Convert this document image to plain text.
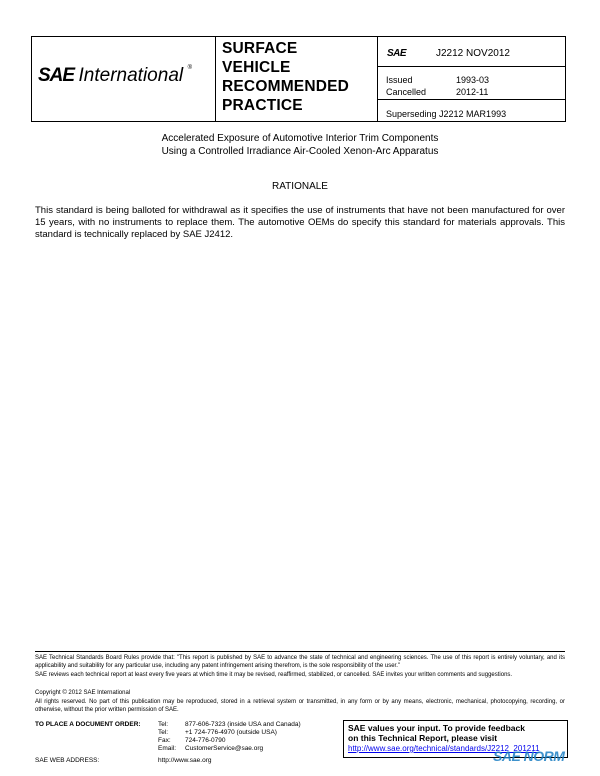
SAE International ®
SURFACE
VEHICLE
RECOMMENDED
PRACTICE
SAE	J2212 NOV2012
Issued	1993-03
Cancelled	2012-11
Superseding J2212 MAR1993
Accelerated Exposure of Automotive Interior Trim Components
Using a Controlled Irradiance Air-Cooled Xenon-Arc Apparatus
RATIONALE
This standard is being balloted for withdrawal as it specifies the use of instruments that have not been manufactured for over 15 years, with no instruments to replace them. The automotive OEMs do specify this standard for materials approvals. This standard is technically replaced by SAE J2412.
SAE Technical Standards Board Rules provide that: "This report is published by SAE to advance the state of technical and engineering sciences. The use of this report is entirely voluntary, and its applicability and suitability for any particular use, including any patent infringement arising therefrom, is the sole responsibility of the user."
SAE reviews each technical report at least every five years at which time it may be revised, reaffirmed, stabilized, or cancelled. SAE invites your written comments and suggestions.
Copyright © 2012 SAE International
All rights reserved. No part of this publication may be reproduced, stored in a retrieval system or transmitted, in any form or by any means, electronic, mechanical, photocopying, recording, or otherwise, without the prior written permission of SAE.
TO PLACE A DOCUMENT ORDER:	Tel:	877-606-7323 (inside USA and Canada)
Tel:	+1 724-776-4970 (outside USA)
Fax: 724-776-0790
Email: CustomerService@sae.org
SAE WEB ADDRESS:	http://www.sae.org
SAE values your input. To provide feedback
on this Technical Report, please visit
http://www.sae.org/technical/standards/J2212_201211
SAE NORM
